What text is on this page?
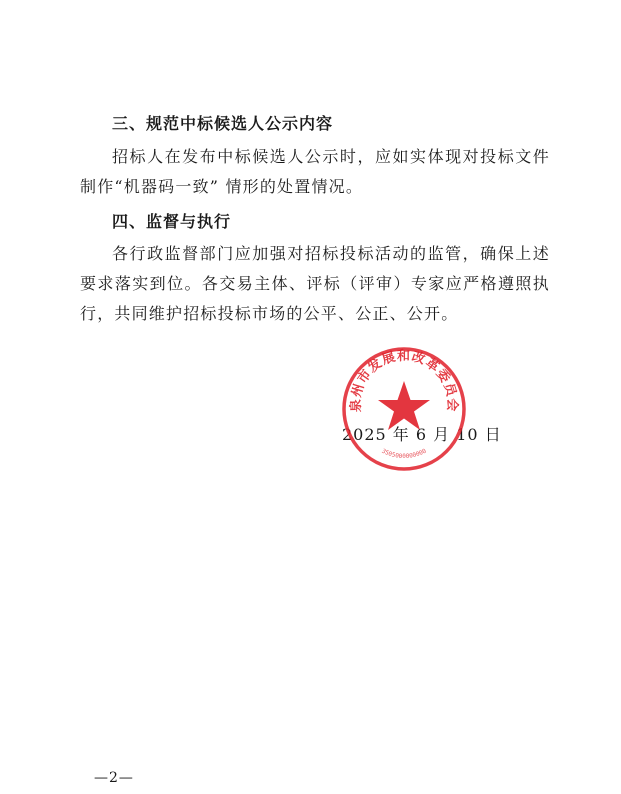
三、规范中标候选人公示内容
招标人在发布中标候选人公示时，应如实体现对投标文件制作“机器码一致” 情形的处置情况。
四、监督与执行
各行政监督部门应加强对招标投标活动的监管，确保上述要求落实到位。各交易主体、评标（评审）专家应严格遵照执行，共同维护招标投标市场的公平、公正、公开。
2025 年 6 月 10 日
泉州市发展和改革委员会
3505000000000
—2—
